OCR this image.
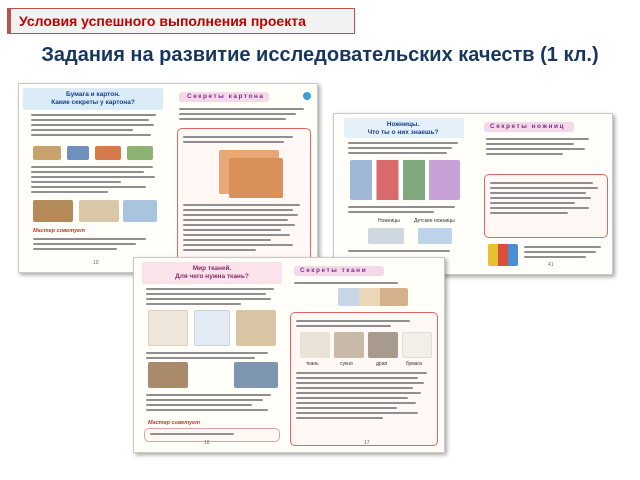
Условия успешного выполнения проекта
Задания на развитие исследовательских качеств (1 кл.)
Бумага и картон.
Какие секреты у картона?
Мастер советует
10
Секреты картона
Ножницы.
Что ты о них знаешь?
Ножницы	Детские ножницы
Секреты ножниц
41
Мир тканей.
Для чего нужна ткань?
Мастер советует
16
Секреты ткани
ткань	сукно	драп	бумага
17
